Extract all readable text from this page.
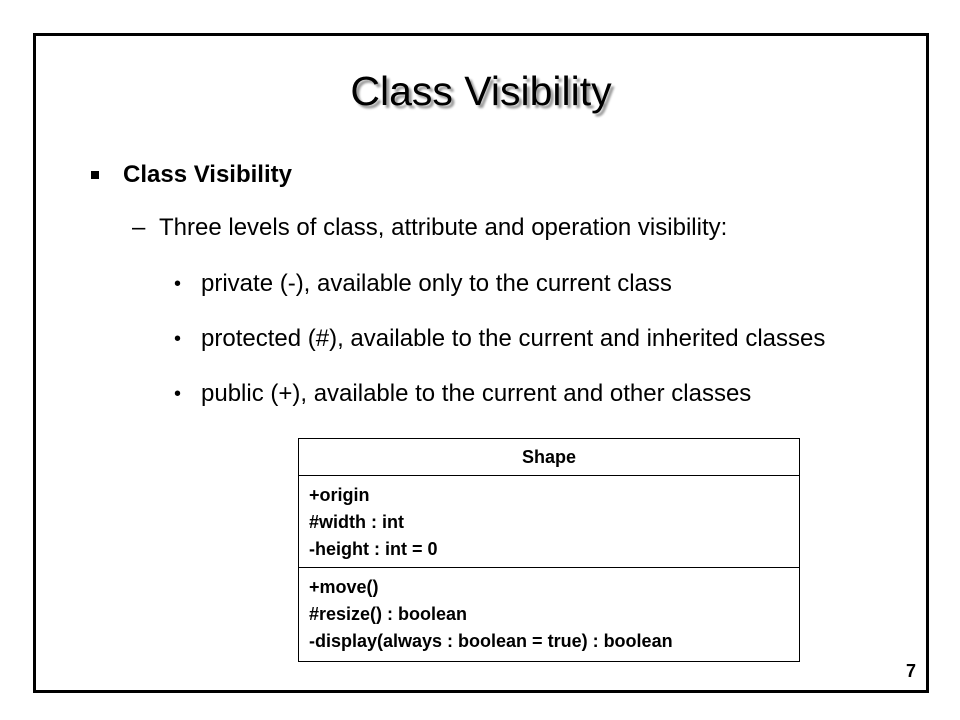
Class Visibility
Class Visibility
– Three levels of class, attribute and operation visibility:
• private (-), available only to the current class
• protected (#), available to the current and inherited classes
• public (+), available to the current and other classes
Shape
+origin
#width : int
-height : int = 0
+move()
#resize() : boolean
-display(always : boolean = true) : boolean
7
